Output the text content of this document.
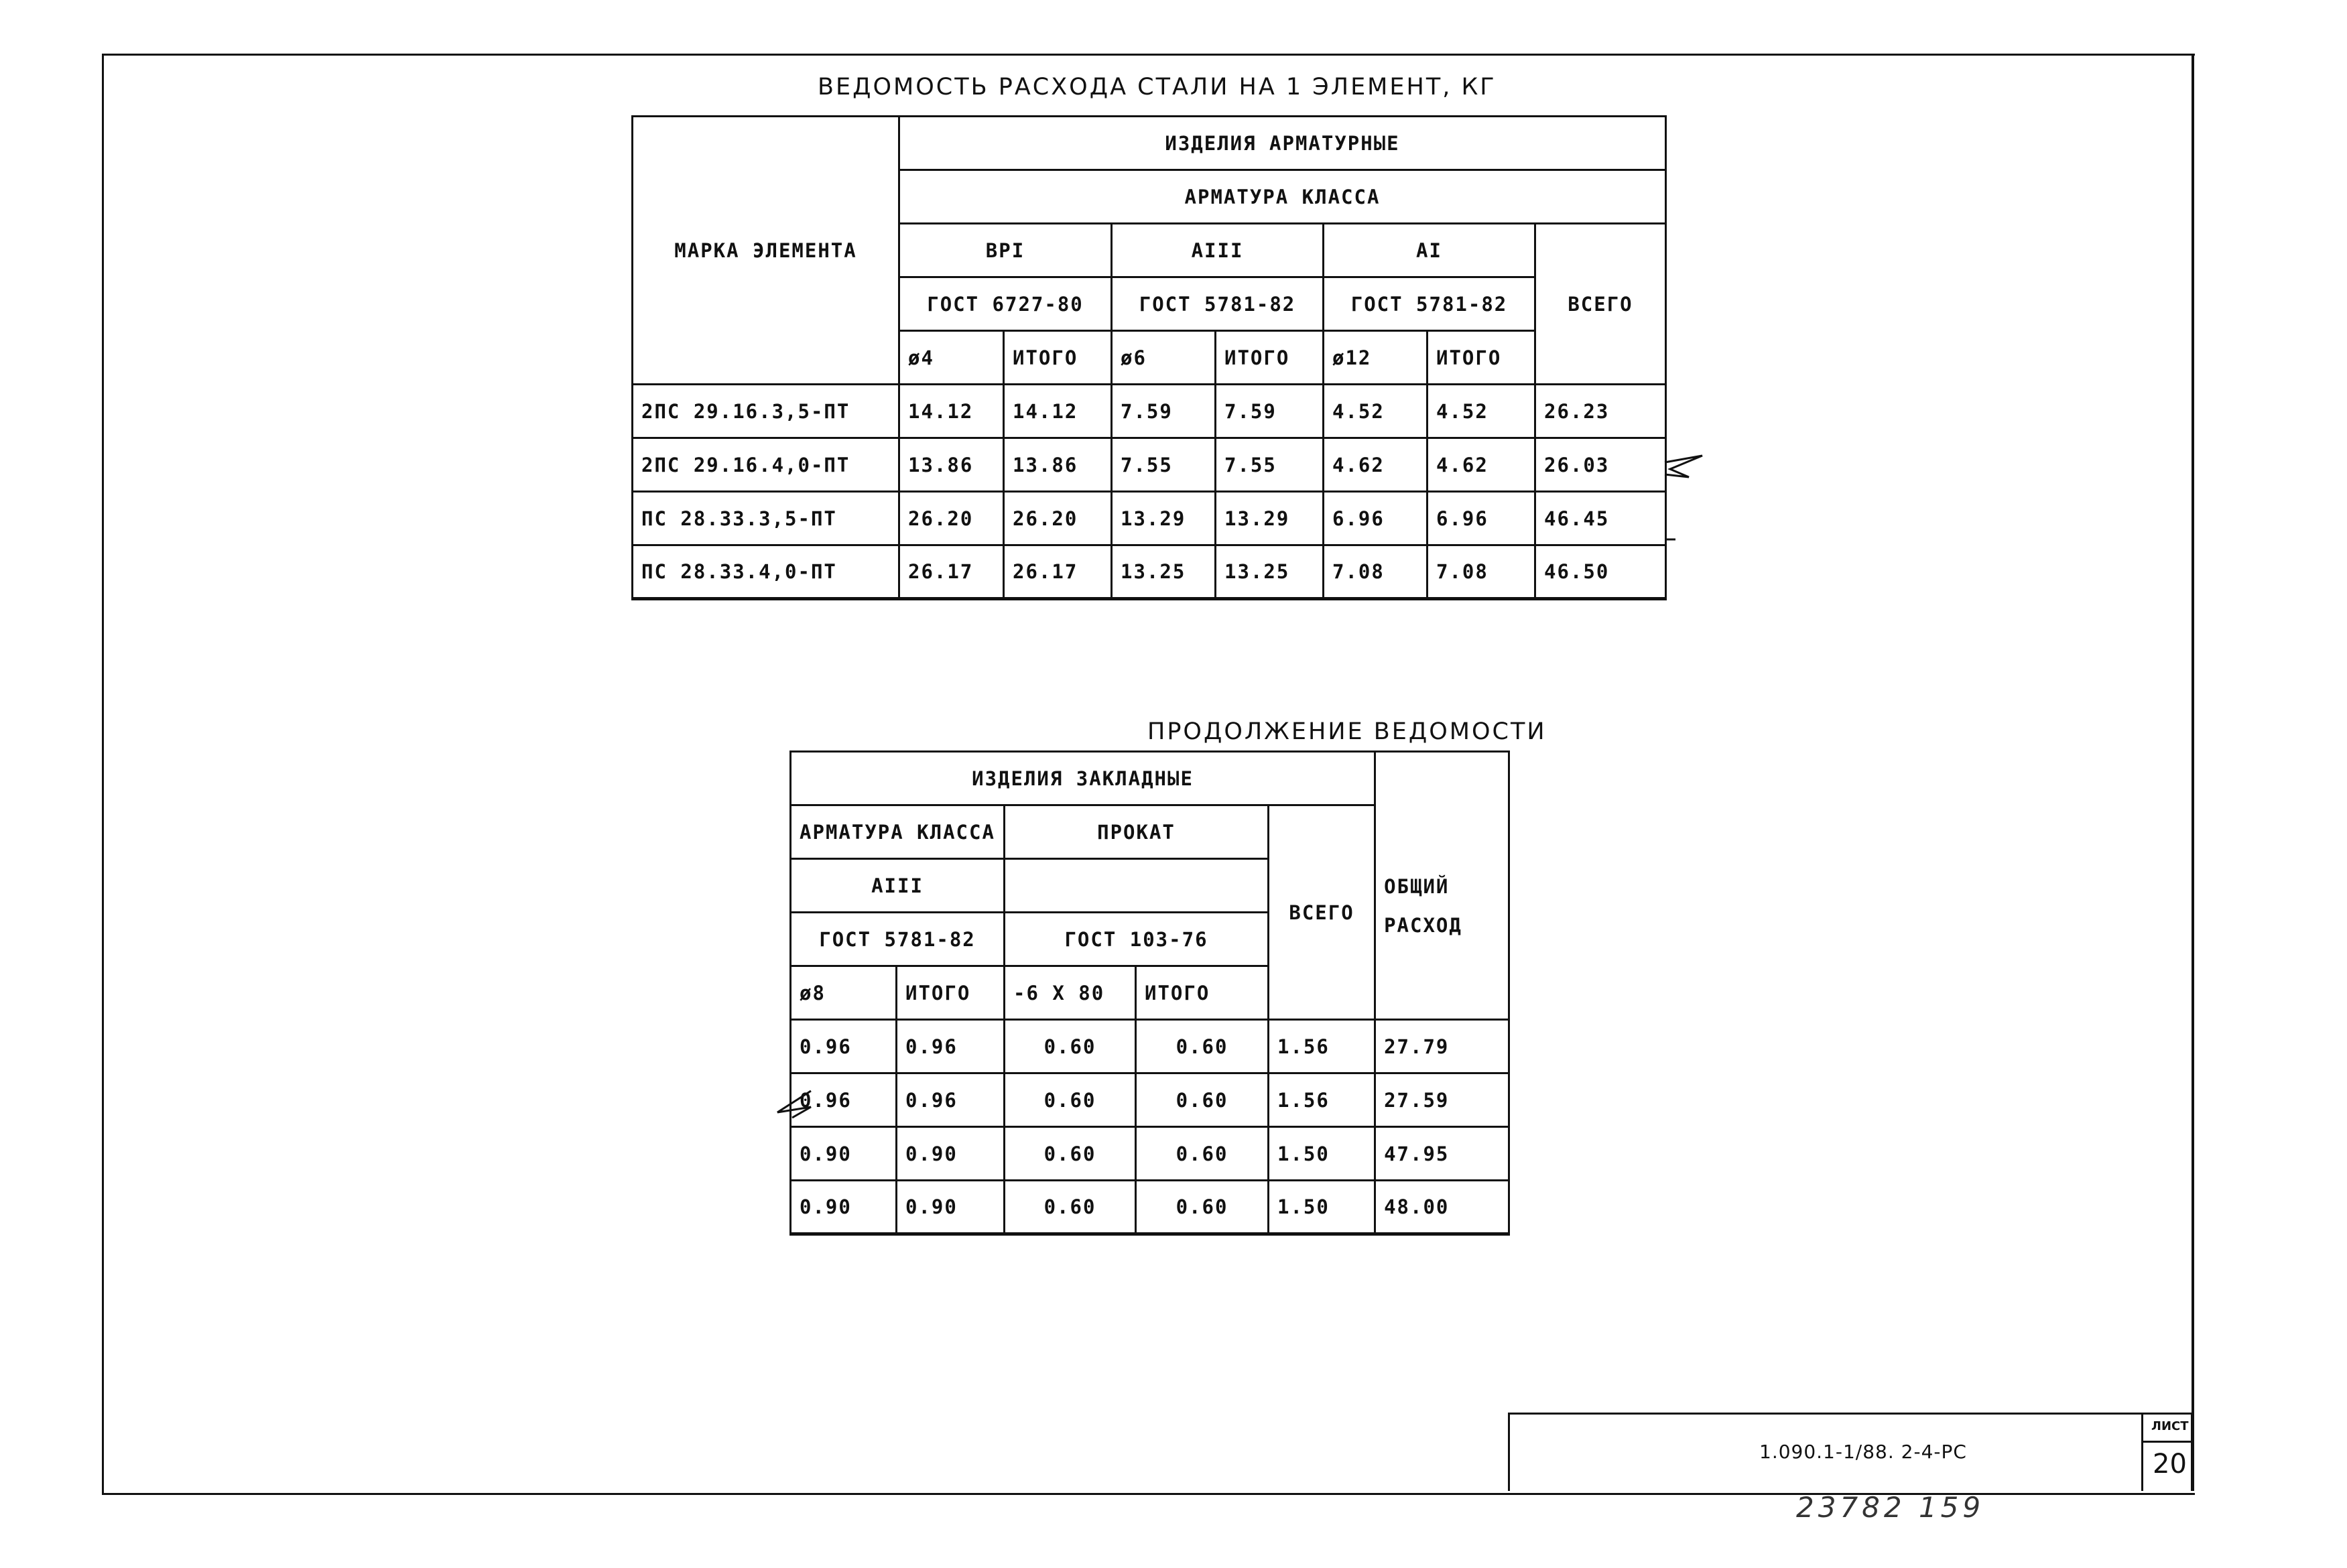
ВЕДОМОСТЬ РАСХОДА СТАЛИ НА 1 ЭЛЕМЕНТ, КГ
МАРКА ЭЛЕМЕНТА	ИЗДЕЛИЯ АРМАТУРНЫЕ						
	АРМАТУРА КЛАССА						
	ВРI		AIII		AI		ВСЕГО
	ГОСТ 6727-80		ГОСТ 5781-82		ГОСТ 5781-82		
	ø4	ИТОГО	ø6	ИТОГО	ø12	ИТОГО	
2ПС 29.16.3,5-ПТ	14.12	14.12	7.59	7.59	4.52	4.52	26.23
2ПС 29.16.4,0-ПТ	13.86	13.86	7.55	7.55	4.62	4.62	26.03
ПС 28.33.3,5-ПТ	26.20	26.20	13.29	13.29	6.96	6.96	46.45
ПС 28.33.4,0-ПТ	26.17	26.17	13.25	13.25	7.08	7.08	46.50
ПРОДОЛЖЕНИЕ ВЕДОМОСТИ
ИЗДЕЛИЯ ЗАКЛАДНЫЕ					ОБЩИЙ
РАСХОД

АРМАТУРА КЛАССА		ПРОКАТ		ВСЕГО	
AIII					
ГОСТ 5781-82		ГОСТ 103-76			
ø8	ИТОГО	-6 X 80	ИТОГО		
0.96	0.96	0.60	0.60	1.56	27.79
0.96	0.96	0.60	0.60	1.56	27.59
0.90	0.90	0.60	0.60	1.50	47.95
0.90	0.90	0.60	0.60	1.50	48.00
1.090.1-1/88. 2-4-РС
ЛИСТ
20
23782 159
